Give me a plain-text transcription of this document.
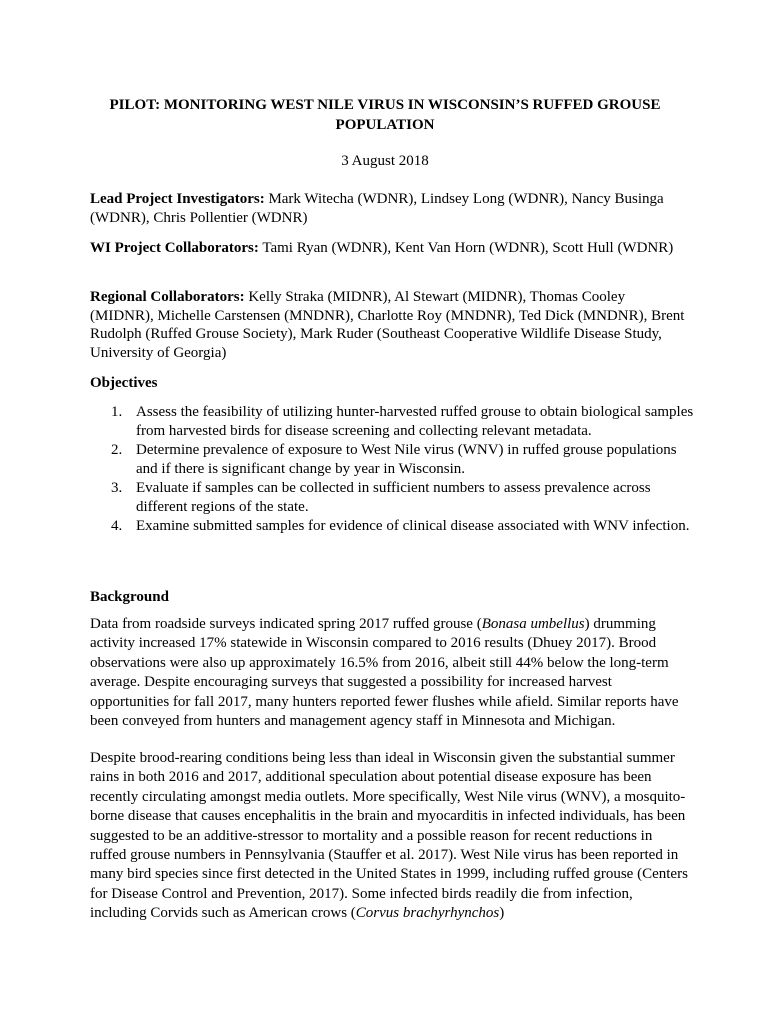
PILOT: MONITORING WEST NILE VIRUS IN WISCONSIN’S RUFFED GROUSE POPULATION
3 August 2018
Lead Project Investigators: Mark Witecha (WDNR), Lindsey Long (WDNR), Nancy Businga (WDNR), Chris Pollentier (WDNR)
WI Project Collaborators: Tami Ryan (WDNR), Kent Van Horn (WDNR), Scott Hull (WDNR)
Regional Collaborators: Kelly Straka (MIDNR), Al Stewart (MIDNR), Thomas Cooley (MIDNR), Michelle Carstensen (MNDNR), Charlotte Roy (MNDNR), Ted Dick (MNDNR), Brent Rudolph (Ruffed Grouse Society), Mark Ruder (Southeast Cooperative Wildlife Disease Study, University of Georgia)
Objectives
1. Assess the feasibility of utilizing hunter-harvested ruffed grouse to obtain biological samples from harvested birds for disease screening and collecting relevant metadata.
2. Determine prevalence of exposure to West Nile virus (WNV) in ruffed grouse populations and if there is significant change by year in Wisconsin.
3. Evaluate if samples can be collected in sufficient numbers to assess prevalence across different regions of the state.
4. Examine submitted samples for evidence of clinical disease associated with WNV infection.
Background
Data from roadside surveys indicated spring 2017 ruffed grouse (Bonasa umbellus) drumming activity increased 17% statewide in Wisconsin compared to 2016 results (Dhuey 2017). Brood observations were also up approximately 16.5% from 2016, albeit still 44% below the long-term average. Despite encouraging surveys that suggested a possibility for increased harvest opportunities for fall 2017, many hunters reported fewer flushes while afield. Similar reports have been conveyed from hunters and management agency staff in Minnesota and Michigan.
Despite brood-rearing conditions being less than ideal in Wisconsin given the substantial summer rains in both 2016 and 2017, additional speculation about potential disease exposure has been recently circulating amongst media outlets. More specifically, West Nile virus (WNV), a mosquito-borne disease that causes encephalitis in the brain and myocarditis in infected individuals, has been suggested to be an additive-stressor to mortality and a possible reason for recent reductions in ruffed grouse numbers in Pennsylvania (Stauffer et al. 2017). West Nile virus has been reported in many bird species since first detected in the United States in 1999, including ruffed grouse (Centers for Disease Control and Prevention, 2017). Some infected birds readily die from infection, including Corvids such as American crows (Corvus brachyrhynchos)
